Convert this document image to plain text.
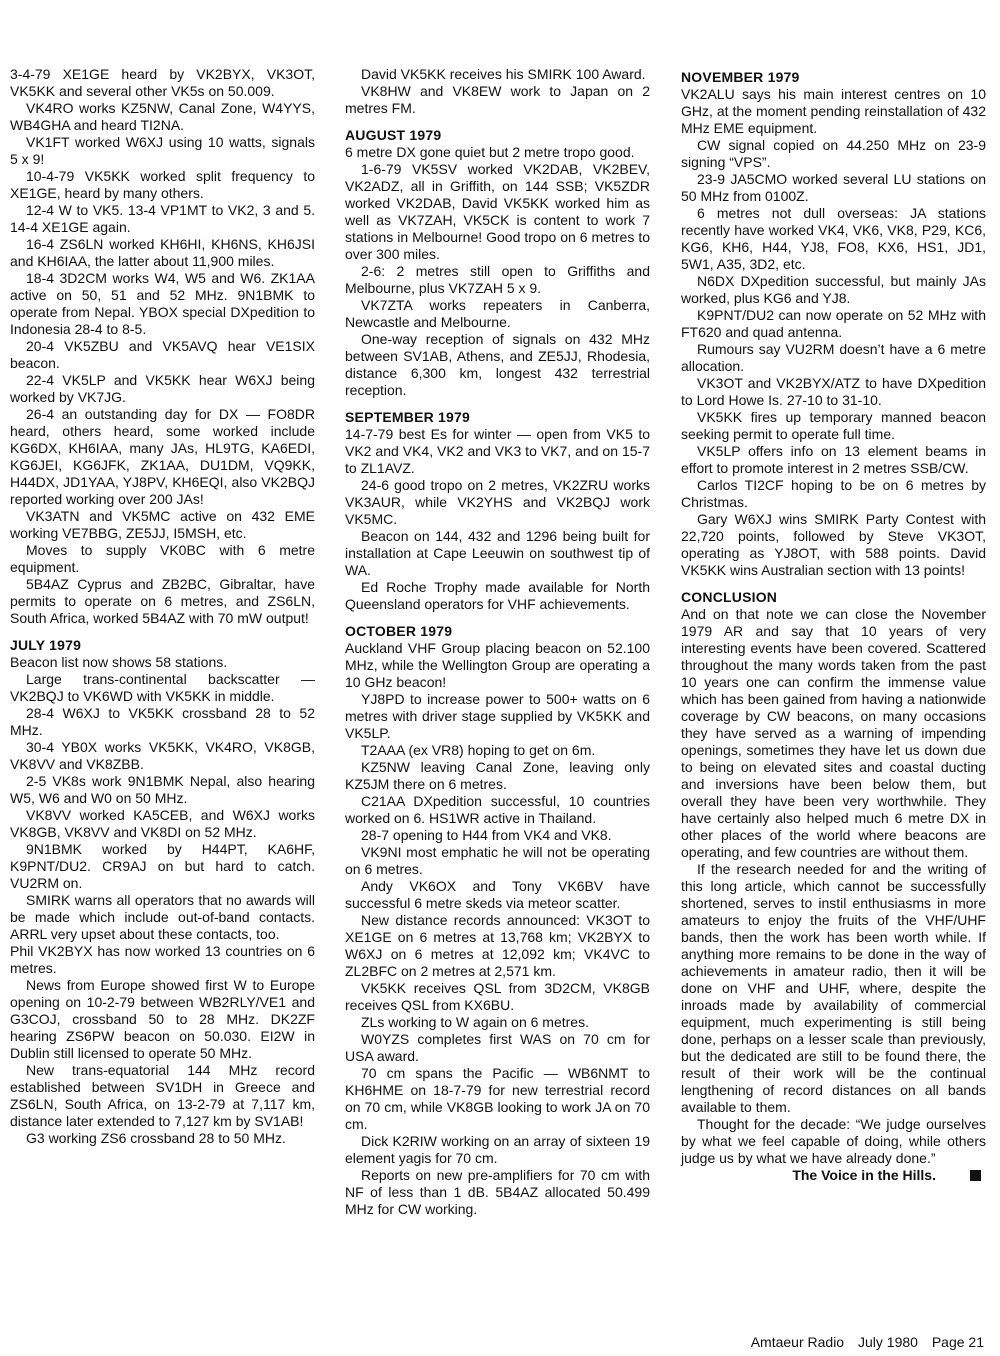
3-4-79 XE1GE heard by VK2BYX, VK3OT, VK5KK and several other VK5s on 50.009.

VK4RO works KZ5NW, Canal Zone, W4YYS, WB4GHA and heard TI2NA.

VK1FT worked W6XJ using 10 watts, signals 5 x 9!

10-4-79 VK5KK worked split frequency to XE1GE, heard by many others.

12-4 W to VK5. 13-4 VP1MT to VK2, 3 and 5. 14-4 XE1GE again.

16-4 ZS6LN worked KH6HI, KH6NS, KH6JSI and KH6IAA, the latter about 11,900 miles.

18-4 3D2CM works W4, W5 and W6. ZK1AA active on 50, 51 and 52 MHz. 9N1BMK to operate from Nepal. YBOX special DXpedition to Indonesia 28-4 to 8-5.

20-4 VK5ZBU and VK5AVQ hear VE1SIX beacon.

22-4 VK5LP and VK5KK hear W6XJ being worked by VK7JG.

26-4 an outstanding day for DX — FO8DR heard, others heard, some worked include KG6DX, KH6IAA, many JAs, HL9TG, KA6EDI, KG6JEI, KG6JFK, ZK1AA, DU1DM, VQ9KK, H44DX, JD1YAA, YJ8PV, KH6EQI, also VK2BQJ reported working over 200 JAs!

VK3ATN and VK5MC active on 432 EME working VE7BBG, ZE5JJ, I5MSH, etc.

Moves to supply VK0BC with 6 metre equipment.

5B4AZ Cyprus and ZB2BC, Gibraltar, have permits to operate on 6 metres, and ZS6LN, South Africa, worked 5B4AZ with 70 mW output!

JULY 1979

Beacon list now shows 58 stations.

Large trans-continental backscatter — VK2BQJ to VK6WD with VK5KK in middle.

28-4 W6XJ to VK5KK crossband 28 to 52 MHz.

30-4 YB0X works VK5KK, VK4RO, VK8GB, VK8VV and VK8ZBB.

2-5 VK8s work 9N1BMK Nepal, also hearing W5, W6 and W0 on 50 MHz.

VK8VV worked KA5CEB, and W6XJ works VK8GB, VK8VV and VK8DI on 52 MHz.

9N1BMK worked by H44PT, KA6HF, K9PNT/DU2. CR9AJ on but hard to catch. VU2RM on.

SMIRK warns all operators that no awards will be made which include out-of-band contacts. ARRL very upset about these contacts, too.

Phil VK2BYX has now worked 13 countries on 6 metres.

News from Europe showed first W to Europe opening on 10-2-79 between WB2RLY/VE1 and G3COJ, crossband 50 to 28 MHz. DK2ZF hearing ZS6PW beacon on 50.030. EI2W in Dublin still licensed to operate 50 MHz.

New trans-equatorial 144 MHz record established between SV1DH in Greece and ZS6LN, South Africa, on 13-2-79 at 7,117 km, distance later extended to 7,127 km by SV1AB!

G3 working ZS6 crossband 28 to 50 MHz.

David VK5KK receives his SMIRK 100 Award.

VK8HW and VK8EW work to Japan on 2 metres FM.

AUGUST 1979

6 metre DX gone quiet but 2 metre tropo good.

1-6-79 VK5SV worked VK2DAB, VK2BEV, VK2ADZ, all in Griffith, on 144 SSB; VK5ZDR worked VK2DAB, David VK5KK worked him as well as VK7ZAH, VK5CK is content to work 7 stations in Melbourne! Good tropo on 6 metres to over 300 miles.

2-6: 2 metres still open to Griffiths and Melbourne, plus VK7ZAH 5 x 9.

VK7ZTA works repeaters in Canberra, Newcastle and Melbourne.

One-way reception of signals on 432 MHz between SV1AB, Athens, and ZE5JJ, Rhodesia, distance 6,300 km, longest 432 terrestrial reception.

SEPTEMBER 1979

14-7-79 best Es for winter — open from VK5 to VK2 and VK4, VK2 and VK3 to VK7, and on 15-7 to ZL1AVZ.

24-6 good tropo on 2 metres, VK2ZRU works VK3AUR, while VK2YHS and VK2BQJ work VK5MC.

Beacon on 144, 432 and 1296 being built for installation at Cape Leeuwin on southwest tip of WA.

Ed Roche Trophy made available for North Queensland operators for VHF achievements.

OCTOBER 1979

Auckland VHF Group placing beacon on 52.100 MHz, while the Wellington Group are operating a 10 GHz beacon!

YJ8PD to increase power to 500+ watts on 6 metres with driver stage supplied by VK5KK and VK5LP.

T2AAA (ex VR8) hoping to get on 6m.

KZ5NW leaving Canal Zone, leaving only KZ5JM there on 6 metres.

C21AA DXpedition successful, 10 countries worked on 6. HS1WR active in Thailand.

28-7 opening to H44 from VK4 and VK8.

VK9NI most emphatic he will not be operating on 6 metres.

Andy VK6OX and Tony VK6BV have successful 6 metre skeds via meteor scatter.

New distance records announced: VK3OT to XE1GE on 6 metres at 13,768 km; VK2BYX to W6XJ on 6 metres at 12,092 km; VK4VC to ZL2BFC on 2 metres at 2,571 km.

VK5KK receives QSL from 3D2CM, VK8GB receives QSL from KX6BU.

ZLs working to W again on 6 metres.

W0YZS completes first WAS on 70 cm for USA award.

70 cm spans the Pacific — WB6NMT to KH6HME on 18-7-79 for new terrestrial record on 70 cm, while VK8GB looking to work JA on 70 cm.

Dick K2RIW working on an array of sixteen 19 element yagis for 70 cm.

Reports on new pre-amplifiers for 70 cm with NF of less than 1 dB. 5B4AZ allocated 50.499 MHz for CW working.

NOVEMBER 1979

VK2ALU says his main interest centres on 10 GHz, at the moment pending reinstallation of 432 MHz EME equipment.

CW signal copied on 44.250 MHz on 23-9 signing “VPS”.

23-9 JA5CMO worked several LU stations on 50 MHz from 0100Z.

6 metres not dull overseas: JA stations recently have worked VK4, VK6, VK8, P29, KC6, KG6, KH6, H44, YJ8, FO8, KX6, HS1, JD1, 5W1, A35, 3D2, etc.

N6DX DXpedition successful, but mainly JAs worked, plus KG6 and YJ8.

K9PNT/DU2 can now operate on 52 MHz with FT620 and quad antenna.

Rumours say VU2RM doesn’t have a 6 metre allocation.

VK3OT and VK2BYX/ATZ to have DXpedition to Lord Howe Is. 27-10 to 31-10.

VK5KK fires up temporary manned beacon seeking permit to operate full time.

VK5LP offers info on 13 element beams in effort to promote interest in 2 metres SSB/CW.

Carlos TI2CF hoping to be on 6 metres by Christmas.

Gary W6XJ wins SMIRK Party Contest with 22,720 points, followed by Steve VK3OT, operating as YJ8OT, with 588 points. David VK5KK wins Australian section with 13 points!

CONCLUSION

And on that note we can close the November 1979 AR and say that 10 years of very interesting events have been covered. Scattered throughout the many words taken from the past 10 years one can confirm the immense value which has been gained from having a nationwide coverage by CW beacons, on many occasions they have served as a warning of impending openings, sometimes they have let us down due to being on elevated sites and coastal ducting and inversions have been below them, but overall they have been very worthwhile. They have certainly also helped much 6 metre DX in other places of the world where beacons are operating, and few countries are without them.

If the research needed for and the writing of this long article, which cannot be successfully shortened, serves to instil enthusiasms in more amateurs to enjoy the fruits of the VHF/UHF bands, then the work has been worth while. If anything more remains to be done in the way of achievements in amateur radio, then it will be done on VHF and UHF, where, despite the inroads made by availability of commercial equipment, much experimenting is still being done, perhaps on a lesser scale than previously, but the dedicated are still to be found there, the result of their work will be the continual lengthening of record distances on all bands available to them.

Thought for the decade: “We judge ourselves by what we feel capable of doing, while others judge us by what we have already done.”

The Voice in the Hills.

Amtaeur Radio July 1980 Page 21
